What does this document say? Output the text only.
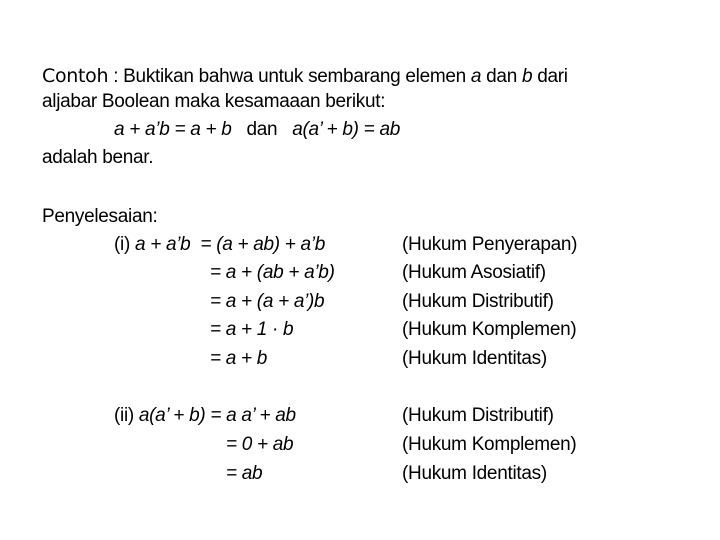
Contoh : Buktikan bahwa untuk sembarang elemen a dan b dari
aljabar Boolean maka kesamaaan berikut:
a + a’b = a + b dan a(a’ + b) = ab
adalah benar.
Penyelesaian:
(i) a + a’b = (a + ab) + a’b	(Hukum Penyerapan)
= a + (ab + a’b)	(Hukum Asosiatif)
= a + (a + a’)b	(Hukum Distributif)
= a + 1 · b	(Hukum Komplemen)
= a + b	(Hukum Identitas)
(ii) a(a’ + b) = a a’ + ab	(Hukum Distributif)
= 0 + ab	(Hukum Komplemen)
= ab	(Hukum Identitas)
